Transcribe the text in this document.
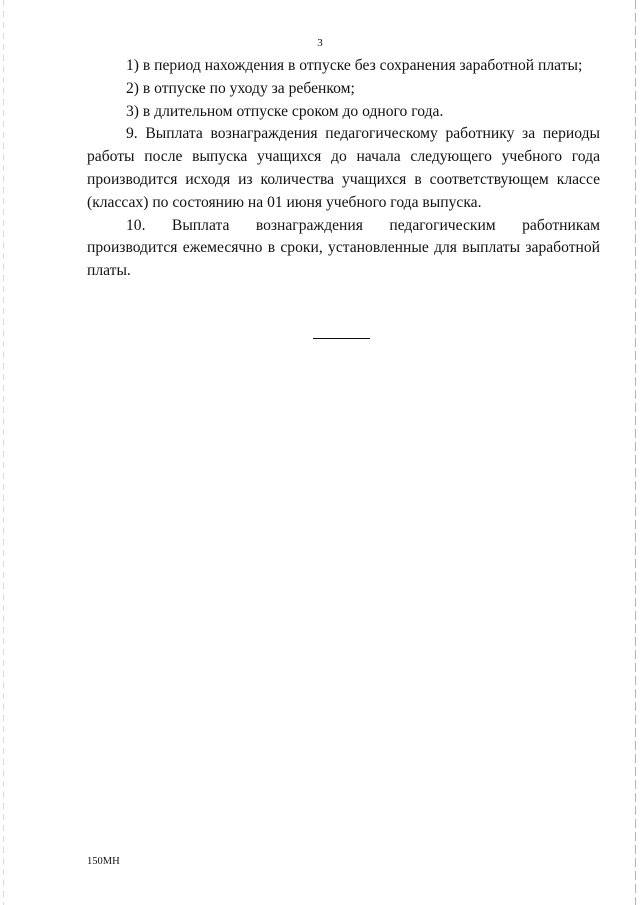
3

1) в период нахождения в отпуске без сохранения заработной платы;

2) в отпуске по уходу за ребенком;

3) в длительном отпуске сроком до одного года.

9. Выплата вознаграждения педагогическому работнику за периоды работы после выпуска учащихся до начала следующего учебного года производится исходя из количества учащихся в соответствующем классе (классах) по состоянию на 01 июня учебного года выпуска.

10. Выплата вознаграждения педагогическим работникам производится ежемесячно в сроки, установленные для выплаты заработной платы.

150МН
